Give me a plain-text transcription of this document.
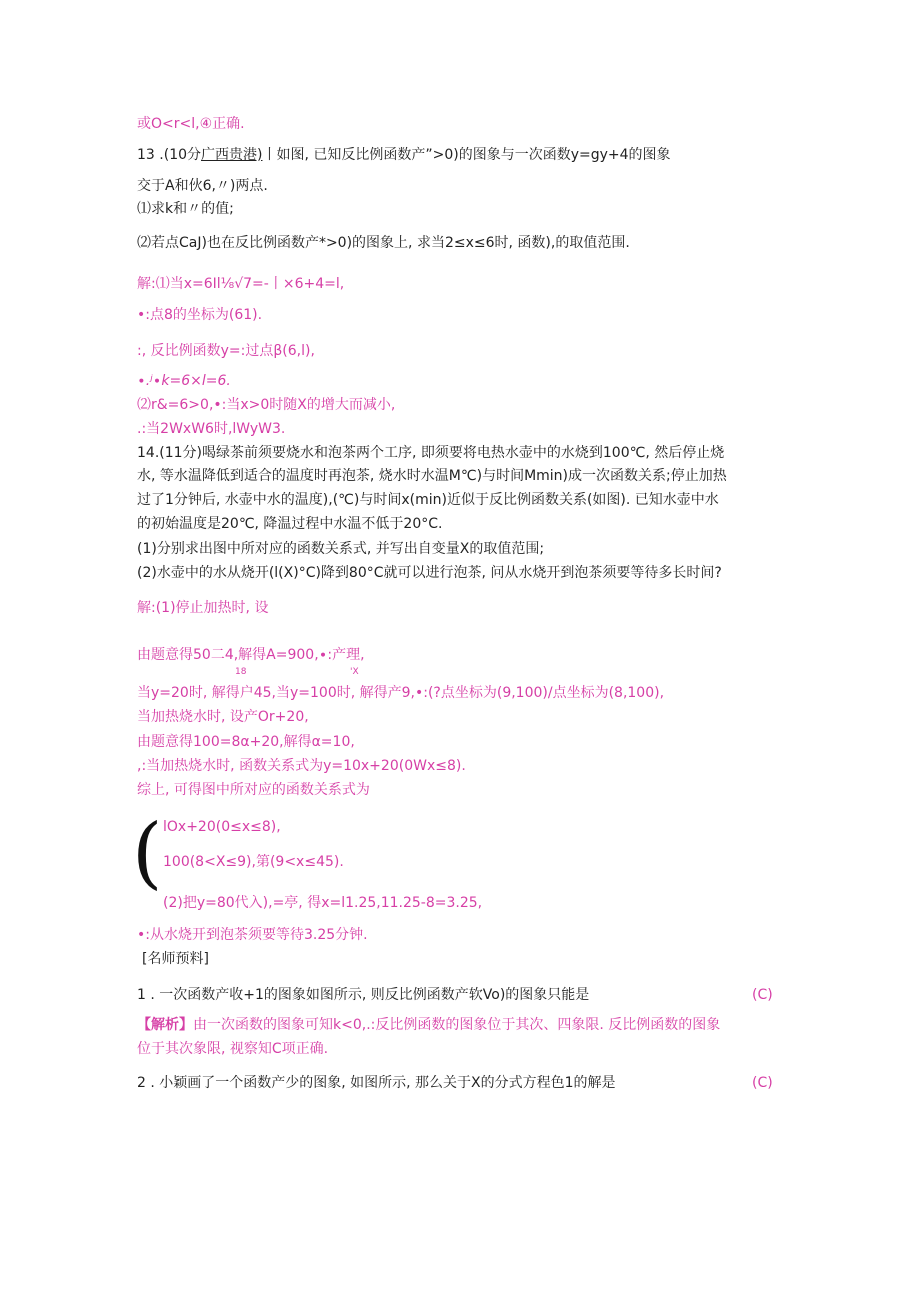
或O<r<l,④正确.
13 .(10分广西贵港)丨如图, 已知反比例函数产”>0)的图象与一次函数y=gy+4的图象
交于A和伙6,〃)两点.
⑴求k和〃的值;
⑵若点CaJ)也在反比例函数产*>0)的图象上, 求当2≤x≤6时, 函数),的取值范围.
解:⑴当x=6Il⅛√7=-丨×6+4=l,
•:点8的坐标为(61).
:, 反比例函数y=:过点β(6,l),
∙.ʲ∙k=6×l=6.
⑵r&=6>0,•:当x>0时随X的增大而减小,
.:当2WxW6时,lWyW3.
14.(11分)喝绿茶前须要烧水和泡茶两个工序, 即须要将电热水壶中的水烧到100℃, 然后停止烧
水, 等水温降低到适合的温度时再泡茶, 烧水时水温M℃)与时间Mmin)成一次函数关系;停止加热
过了1分钟后, 水壶中水的温度),(℃)与时间x(min)近似于反比例函数关系(如图). 已知水壶中水
的初始温度是20℃, 降温过程中水温不低于20°C.
(1)分别求出图中所对应的函数关系式, 并写出自变量X的取值范围;
(2)水壶中的水从烧开(l(X)°C)降到80°C就可以进行泡茶, 问从水烧开到泡茶须要等待多长时间?
解:(1)停止加热时, 设
由题意得50二4,解得A=900,∙:产理,
18	'X
当y=20时, 解得户45,当y=100时, 解得产9,•:(?点坐标为(9,100)/点坐标为(8,100),
当加热烧水时, 设产Or+20,
由题意得100=8α+20,解得α=10,
,:当加热烧水时, 函数关系式为y=10x+20(0Wx≤8).
综上, 可得图中所对应的函数关系式为
( lOx+20(0≤x≤8),
100(8<X≤9),第(9<x≤45).
(2)把y=80代入),=亭, 得x=l1.25,11.25-8=3.25,
•:从水烧开到泡茶须要等待3.25分钟.
[名师预料]
1 . 一次函数产收+1的图象如图所示, 则反比例函数产软Vo)的图象只能是	(C)
【解析】由一次函数的图象可知k<0,.:反比例函数的图象位于其次、四象限. 反比例函数的图象
位于其次象限, 视察知C项正确.
2 . 小颖画了一个函数产少的图象, 如图所示, 那么关于X的分式方程色1的解是	(C)
